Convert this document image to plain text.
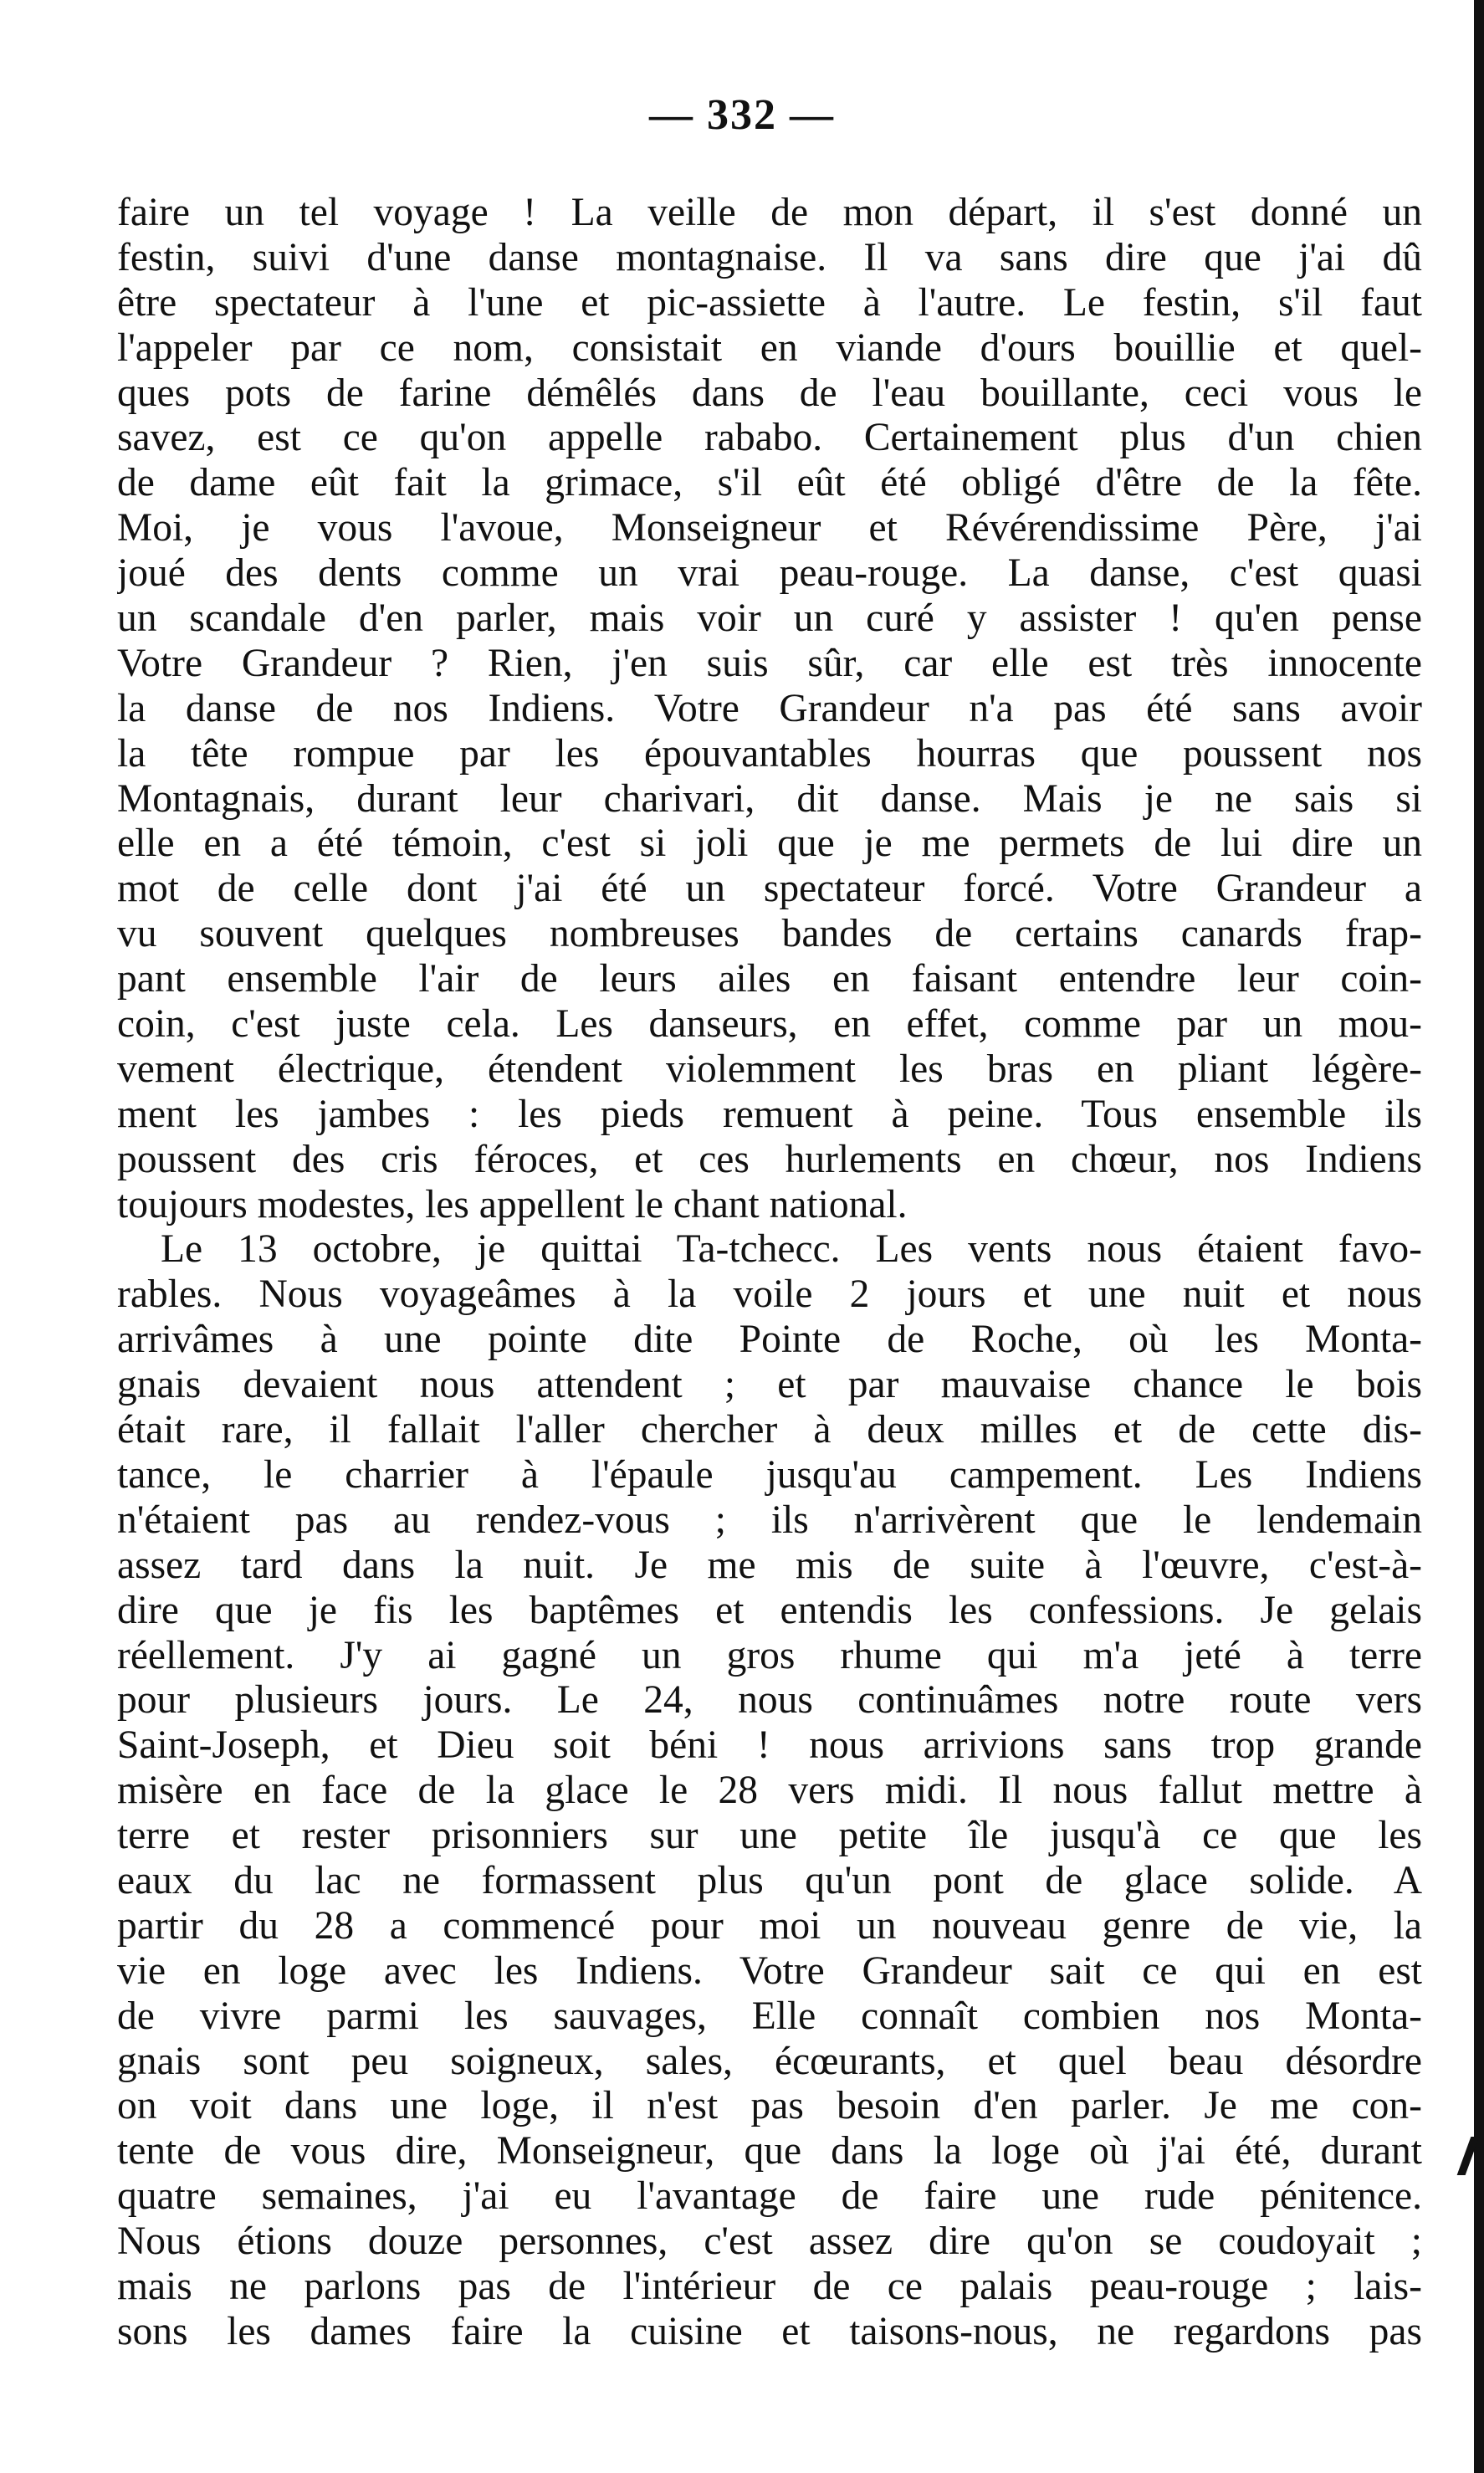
— 332 —
faire un tel voyage ! La veille de mon départ, il s'est donné un
festin, suivi d'une danse montagnaise. Il va sans dire que j'ai dû
être spectateur à l'une et pic-assiette à l'autre. Le festin, s'il faut
l'appeler par ce nom, consistait en viande d'ours bouillie et quel-
ques pots de farine démêlés dans de l'eau bouillante, ceci vous le
savez, est ce qu'on appelle rababo. Certainement plus d'un chien
de dame eût fait la grimace, s'il eût été obligé d'être de la fête.
Moi, je vous l'avoue, Monseigneur et Révérendissime Père, j'ai
joué des dents comme un vrai peau-rouge. La danse, c'est quasi
un scandale d'en parler, mais voir un curé y assister ! qu'en pense
Votre Grandeur ? Rien, j'en suis sûr, car elle est très innocente
la danse de nos Indiens. Votre Grandeur n'a pas été sans avoir
la tête rompue par les épouvantables hourras que poussent nos
Montagnais, durant leur charivari, dit danse. Mais je ne sais si
elle en a été témoin, c'est si joli que je me permets de lui dire un
mot de celle dont j'ai été un spectateur forcé. Votre Grandeur a
vu souvent quelques nombreuses bandes de certains canards frap-
pant ensemble l'air de leurs ailes en faisant entendre leur coin-
coin, c'est juste cela. Les danseurs, en effet, comme par un mou-
vement électrique, étendent violemment les bras en pliant légère-
ment les jambes : les pieds remuent à peine. Tous ensemble ils
poussent des cris féroces, et ces hurlements en chœur, nos Indiens
toujours modestes, les appellent le chant national.
Le 13 octobre, je quittai Ta-tchecc. Les vents nous étaient favo-
rables. Nous voyageâmes à la voile 2 jours et une nuit et nous
arrivâmes à une pointe dite Pointe de Roche, où les Monta-
gnais devaient nous attendent ; et par mauvaise chance le bois
était rare, il fallait l'aller chercher à deux milles et de cette dis-
tance, le charrier à l'épaule jusqu'au campement. Les Indiens
n'étaient pas au rendez-vous ; ils n'arrivèrent que le lendemain
assez tard dans la nuit. Je me mis de suite à l'œuvre, c'est-à-
dire que je fis les baptêmes et entendis les confessions. Je gelais
réellement. J'y ai gagné un gros rhume qui m'a jeté à terre
pour plusieurs jours. Le 24, nous continuâmes notre route vers
Saint-Joseph, et Dieu soit béni ! nous arrivions sans trop grande
misère en face de la glace le 28 vers midi. Il nous fallut mettre à
terre et rester prisonniers sur une petite île jusqu'à ce que les
eaux du lac ne formassent plus qu'un pont de glace solide. A
partir du 28 a commencé pour moi un nouveau genre de vie, la
vie en loge avec les Indiens. Votre Grandeur sait ce qui en est
de vivre parmi les sauvages, Elle connaît combien nos Monta-
gnais sont peu soigneux, sales, écœurants, et quel beau désordre
on voit dans une loge, il n'est pas besoin d'en parler. Je me con-
tente de vous dire, Monseigneur, que dans la loge où j'ai été, durant
quatre semaines, j'ai eu l'avantage de faire une rude pénitence.
Nous étions douze personnes, c'est assez dire qu'on se coudoyait ;
mais ne parlons pas de l'intérieur de ce palais peau-rouge ; lais-
sons les dames faire la cuisine et taisons-nous, ne regardons pas
